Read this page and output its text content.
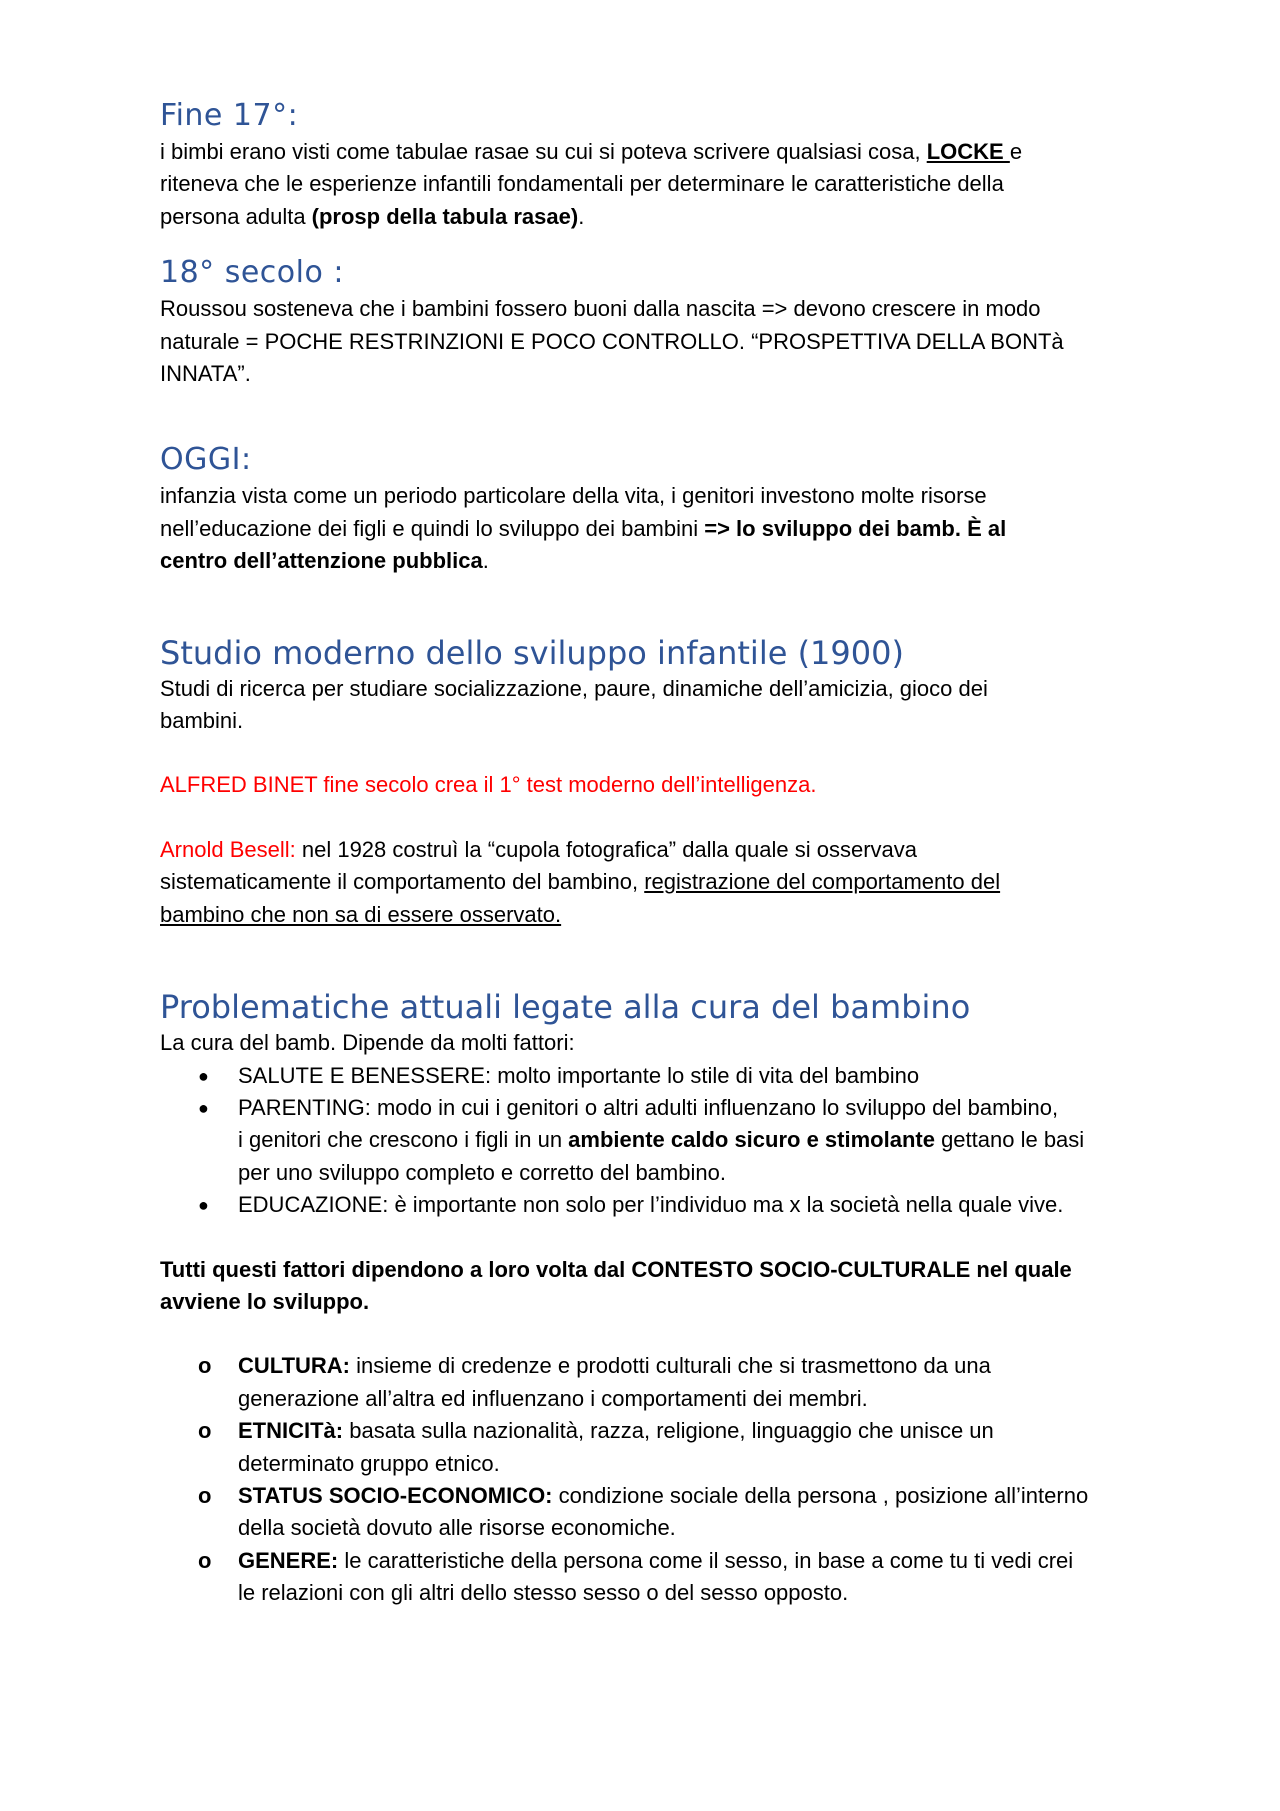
Fine 17°:

i bimbi erano visti come tabulae rasae su cui si poteva scrivere qualsiasi cosa, LOCKE e
riteneva che le esperienze infantili fondamentali per determinare le caratteristiche della
persona adulta (prosp della tabula rasae).

18° secolo :

Roussou sosteneva che i bambini fossero buoni dalla nascita => devono crescere in modo
naturale = POCHE RESTRINZIONI E POCO CONTROLLO. “PROSPETTIVA DELLA BONTà
INNATA”.

OGGI:

infanzia vista come un periodo particolare della vita, i genitori investono molte risorse
nell’educazione dei figli e quindi lo sviluppo dei bambini => lo sviluppo dei bamb. È al
centro dell’attenzione pubblica.

Studio moderno dello sviluppo infantile (1900)

Studi di ricerca per studiare socializzazione, paure, dinamiche dell’amicizia, gioco dei
bambini.

ALFRED BINET fine secolo crea il 1° test moderno dell’intelligenza.

Arnold Besell: nel 1928 costruì la “cupola fotografica” dalla quale si osservava
sistematicamente il comportamento del bambino, registrazione del comportamento del
bambino che non sa di essere osservato.

Problematiche attuali legate alla cura del bambino

La cura del bamb. Dipende da molti fattori:

● SALUTE E BENESSERE: molto importante lo stile di vita del bambino
● PARENTING: modo in cui i genitori o altri adulti influenzano lo sviluppo del bambino,
i genitori che crescono i figli in un ambiente caldo sicuro e stimolante gettano le basi
per uno sviluppo completo e corretto del bambino.
● EDUCAZIONE: è importante non solo per l’individuo ma x la società nella quale vive.

Tutti questi fattori dipendono a loro volta dal CONTESTO SOCIO-CULTURALE nel quale
avviene lo sviluppo.

o CULTURA: insieme di credenze e prodotti culturali che si trasmettono da una
generazione all’altra ed influenzano i comportamenti dei membri.
o ETNICITà: basata sulla nazionalità, razza, religione, linguaggio che unisce un
determinato gruppo etnico.
o STATUS SOCIO-ECONOMICO: condizione sociale della persona , posizione all’interno
della società dovuto alle risorse economiche.
o GENERE: le caratteristiche della persona come il sesso, in base a come tu ti vedi crei
le relazioni con gli altri dello stesso sesso o del sesso opposto.
